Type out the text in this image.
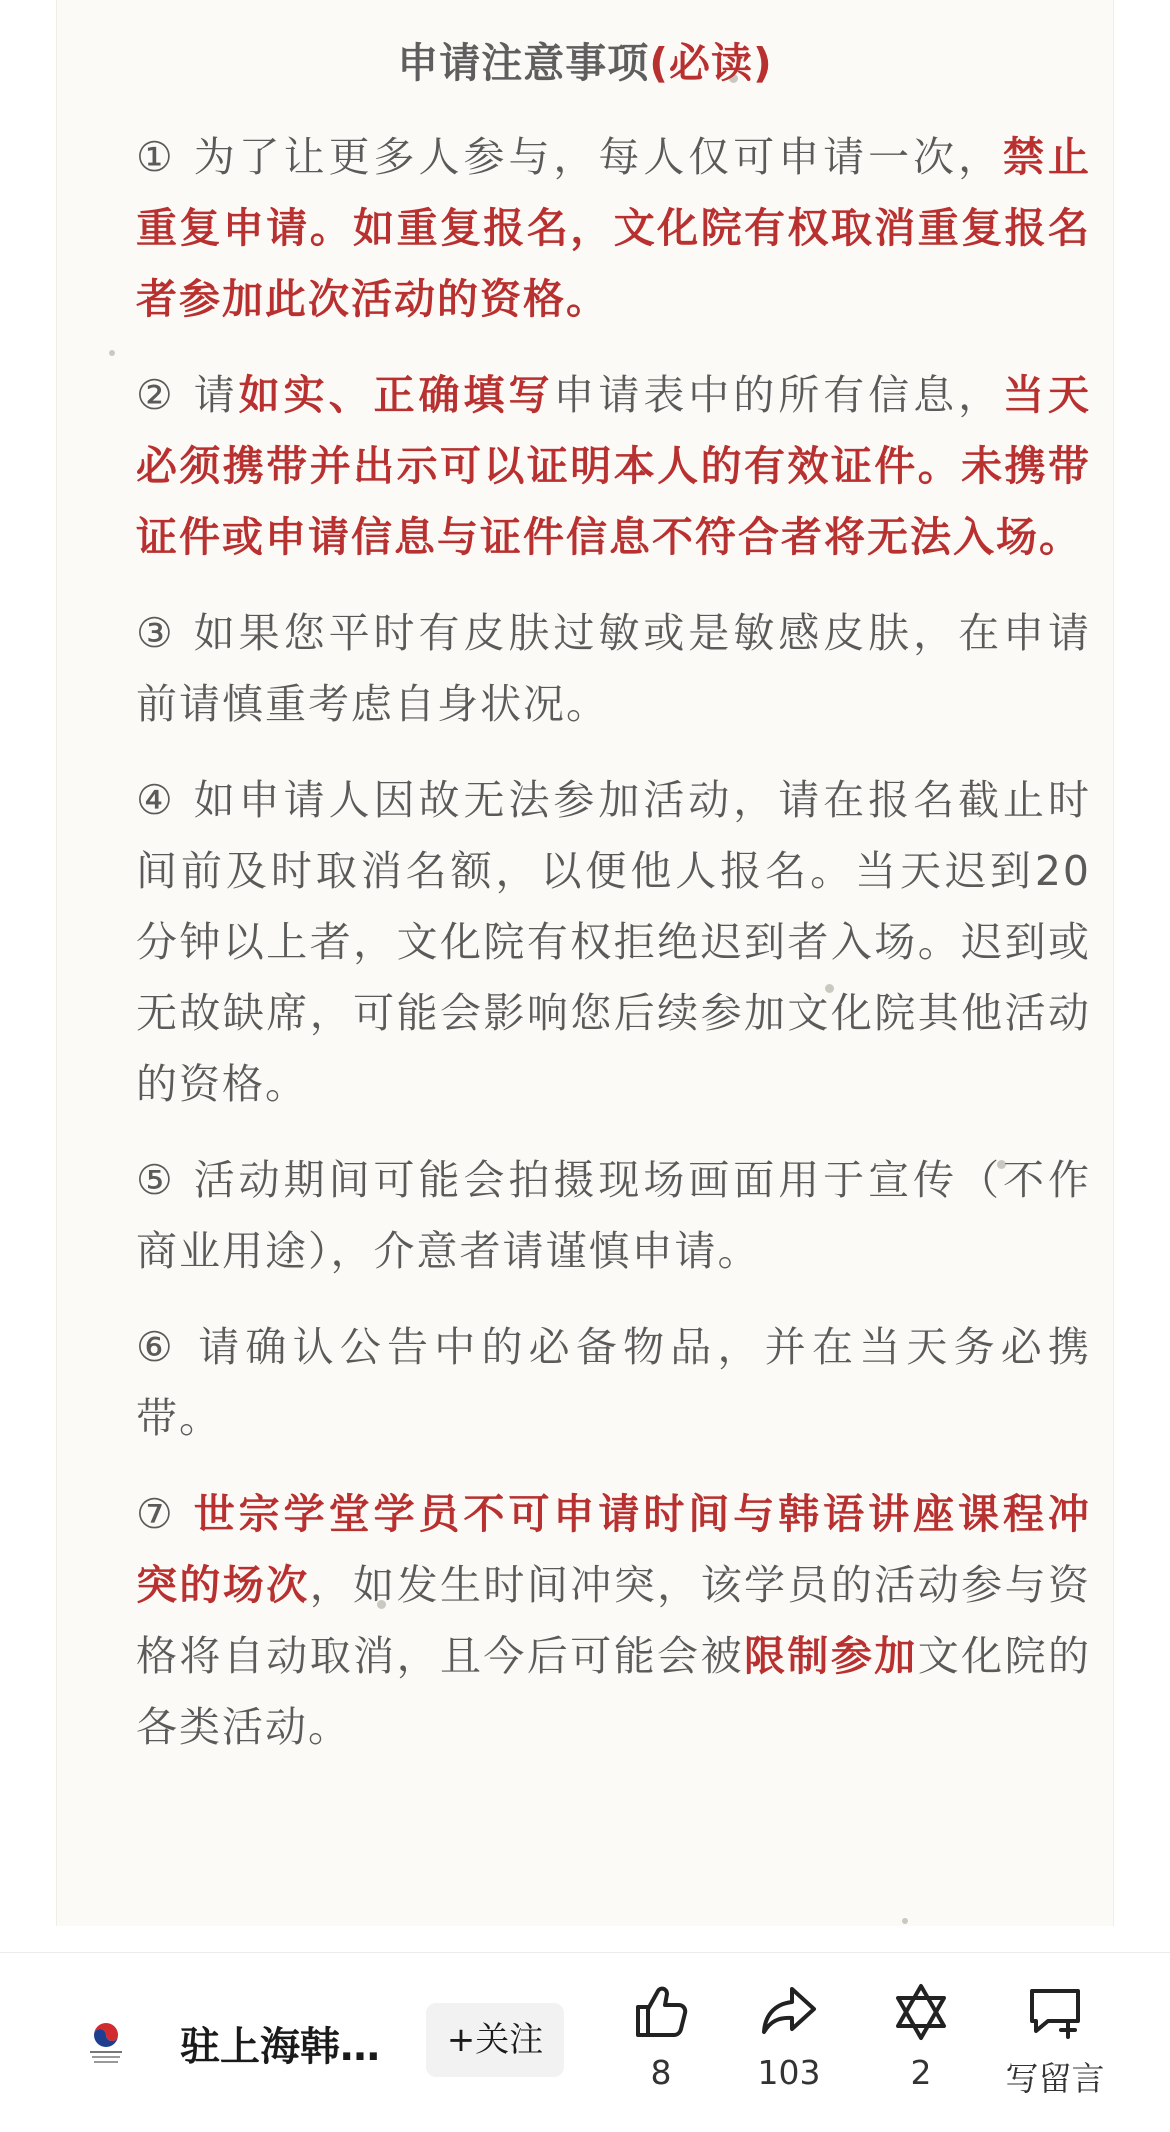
申请注意事项(必读)

① 为了让更多人参与，每人仅可申请一次，禁止重复申请。如重复报名，文化院有权取消重复报名者参加此次活动的资格。

② 请如实、正确填写申请表中的所有信息，当天必须携带并出示可以证明本人的有效证件。未携带证件或申请信息与证件信息不符合者将无法入场。

③ 如果您平时有皮肤过敏或是敏感皮肤，在申请前请慎重考虑自身状况。

④ 如申请人因故无法参加活动，请在报名截止时间前及时取消名额，以便他人报名。当天迟到20分钟以上者，文化院有权拒绝迟到者入场。迟到或无故缺席，可能会影响您后续参加文化院其他活动的资格。

⑤ 活动期间可能会拍摄现场画面用于宣传（不作商业用途），介意者请谨慎申请。

⑥ 请确认公告中的必备物品，并在当天务必携带。

⑦ 世宗学堂学员不可申请时间与韩语讲座课程冲突的场次，如发生时间冲突，该学员的活动参与资格将自动取消，且今后可能会被限制参加文化院的各类活动。

驻上海韩…	+关注
8	103	2	写留言
